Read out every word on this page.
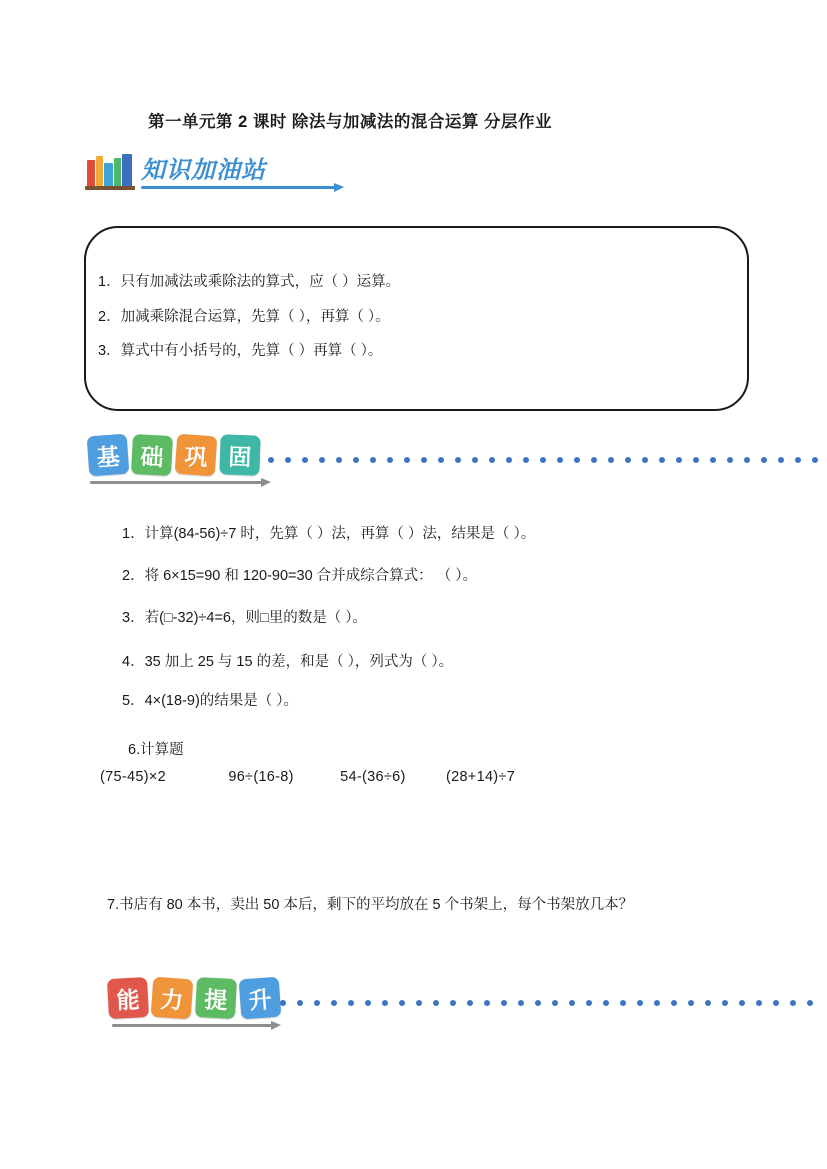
第一单元第 2 课时 除法与加减法的混合运算 分层作业
知识加油站
1．只有加减法或乘除法的算式，应（ ）运算。
2．加减乘除混合运算，先算（ ），再算（ ）。
3．算式中有小括号的，先算（ ）再算（ ）。
基 础 巩 固
1．计算(84-56)÷7 时，先算（ ）法，再算（ ）法，结果是（ ）。
2．将 6×15=90 和 120-90=30 合并成综合算式： （ ）。
3．若(□-32)÷4=6，则□里的数是（ ）。
4．35 加上 25 与 15 的差，和是（ ），列式为（ ）。
5．4×(18-9)的结果是（ ）。
6.计算题
(75-45)×2	96÷(16-8)	54-(36÷6)	(28+14)÷7
7.书店有 80 本书，卖出 50 本后，剩下的平均放在 5 个书架上，每个书架放几本？
能 力 提 升
